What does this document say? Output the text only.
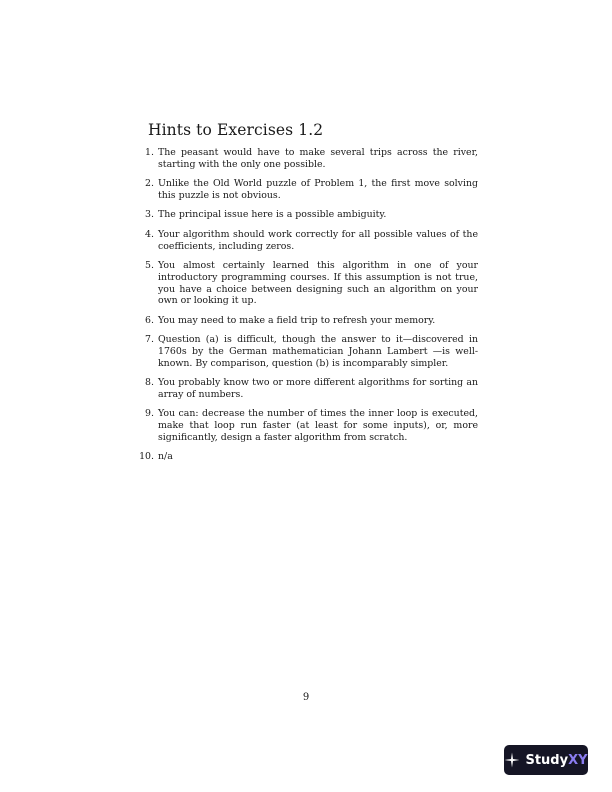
Hints to Exercises 1.2
1. The peasant would have to make several trips across the river, starting with the only one possible.
2. Unlike the Old World puzzle of Problem 1, the first move solving this puzzle is not obvious.
3. The principal issue here is a possible ambiguity.
4. Your algorithm should work correctly for all possible values of the coefficients, including zeros.
5. You almost certainly learned this algorithm in one of your introductory programming courses. If this assumption is not true, you have a choice between designing such an algorithm on your own or looking it up.
6. You may need to make a field trip to refresh your memory.
7. Question (a) is difficult, though the answer to it—discovered in 1760s by the German mathematician Johann Lambert —is well-known. By comparison, question (b) is incomparably simpler.
8. You probably know two or more different algorithms for sorting an array of numbers.
9. You can: decrease the number of times the inner loop is executed, make that loop run faster (at least for some inputs), or, more significantly, design a faster algorithm from scratch.
10. n/a
9
StudyXY
